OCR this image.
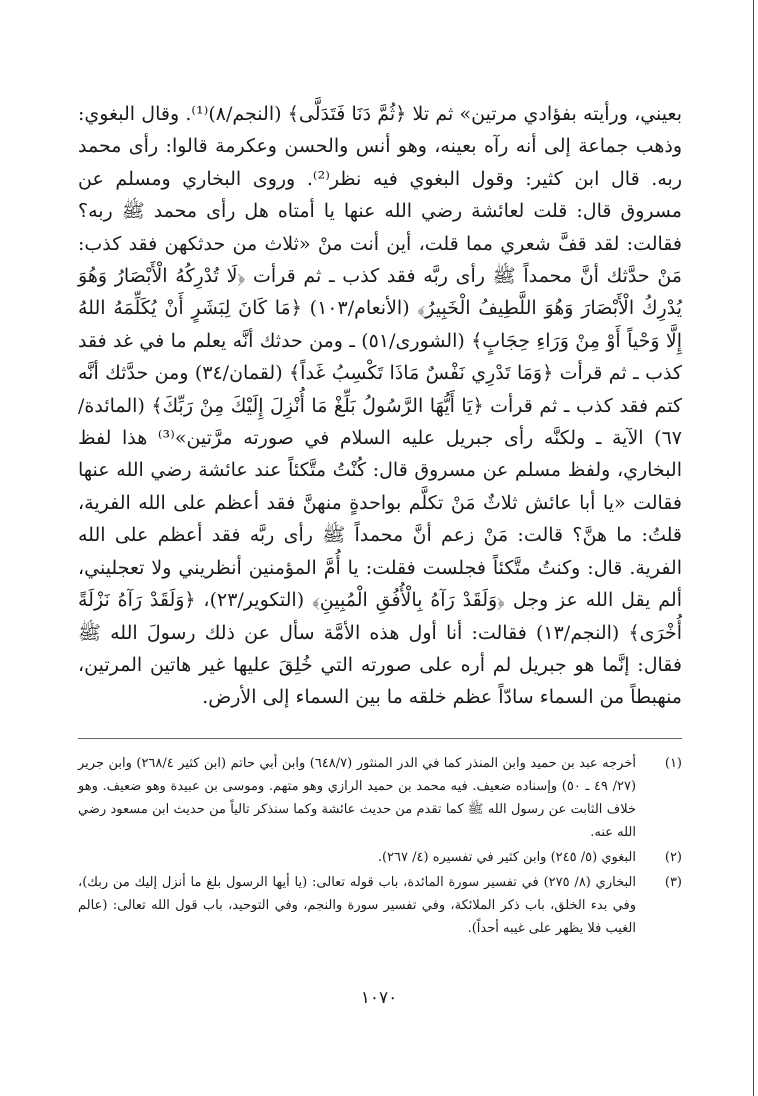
بعيني، ورأيته بفؤادي مرتين» ثم تلا ﴿ثُمَّ دَنَا فَتَدَلَّى﴾ (النجم/٨)⁽¹⁾. وقال البغوي: وذهب جماعة إلى أنه رآه بعينه، وهو أنس والحسن وعكرمة قالوا: رأى محمد ربه. قال ابن كثير: وقول البغوي فيه نظر⁽²⁾. وروى البخاري ومسلم عن مسروق قال: قلت لعائشة رضي الله عنها يا أمتاه هل رأى محمد ﷺ ربه؟ فقالت: لقد قفَّ شعري مما قلت، أين أنت منْ «ثلاث من حدثكهن فقد كذب: مَنْ حدَّثك أنَّ محمداً ﷺ رأى ربَّه فقد كذب ـ ثم قرأت ﴿لَا تُدْرِكُهُ الْأَبْصَارُ وَهُوَ يُدْرِكُ الْأَبْصَارَ وَهُوَ اللَّطِيفُ الْخَبِيرُ﴾ (الأنعام/١٠٣) ﴿مَا كَانَ لِبَشَرٍ أَنْ يُكَلِّمَهُ اللهُ إِلَّا وَحْياً أَوْ مِنْ وَرَاءِ حِجَابٍ﴾ (الشورى/٥١) ـ ومن حدثك أنَّه يعلم ما في غد فقد كذب ـ ثم قرأت ﴿وَمَا تَدْرِي نَفْسٌ مَاذَا تَكْسِبُ غَداً﴾ (لقمان/٣٤) ومن حدَّثك أنَّه كتم فقد كذب ـ ثم قرأت ﴿يَا أَيُّهَا الرَّسُولُ بَلِّغْ مَا أُنْزِلَ إِلَيْكَ مِنْ رَبِّكَ﴾ (المائدة/٦٧) الآية ـ ولكنَّه رأى جبريل عليه السلام في صورته مرَّتين»⁽³⁾ هذا لفظ البخاري، ولفظ مسلم عن مسروق قال: كُنْتُ متَّكئاً عند عائشة رضي الله عنها فقالت «يا أبا عائش ثلاثٌ مَنْ تكلَّم بواحدةٍ منهنَّ فقد أعظم على الله الفرية، قلتُ: ما هنَّ؟ قالت: مَنْ زعم أنَّ محمداً ﷺ رأى ربَّه فقد أعظم على الله الفرية. قال: وكنتُ متَّكئاً فجلست فقلت: يا أُمَّ المؤمنين أنظريني ولا تعجليني، ألم يقل الله عز وجل ﴿وَلَقَدْ رَآهُ بِالْأُفُقِ الْمُبِينِ﴾ (التكوير/٢٣)، ﴿وَلَقَدْ رَآهُ نَزْلَةً أُخْرَى﴾ (النجم/١٣) فقالت: أنا أول هذه الأمَّة سأل عن ذلك رسولَ الله ﷺ فقال: إنَّما هو جبريل لم أره على صورته التي خُلِقَ عليها غير هاتين المرتين، منهبطاً من السماء سادّاً عظم خلقه ما بين السماء إلى الأرض.

(١)
أخرجه عبد بن حميد وابن المنذر كما في الدر المنثور (٦٤٨/٧) وابن أبي حاتم (ابن كثير ٢٦٨/٤) وابن جرير (٢٧/ ٤٩ ـ ٥٠) وإسناده ضعيف. فيه محمد بن حميد الرازي وهو متهم. وموسى بن عبيدة وهو ضعيف. وهو خلاف الثابت عن رسول الله ﷺ كما تقدم من حديث عائشة وكما سنذكر تالياً من حديث ابن مسعود رضي الله عنه.
(٢)
البغوي (٥/ ٢٤٥) وابن كثير في تفسيره (٤/ ٢٦٧).
(٣)
البخاري (٨/ ٢٧٥) في تفسير سورة المائدة، باب قوله تعالى: (يا أيها الرسول بلغ ما أنزل إليك من ربك)، وفي بدء الخلق، باب ذكر الملائكة، وفي تفسير سورة والنجم، وفي التوحيد، باب قول الله تعالى: (عالم الغيب فلا يظهر على غيبه أحداً).
١٠٧٠
